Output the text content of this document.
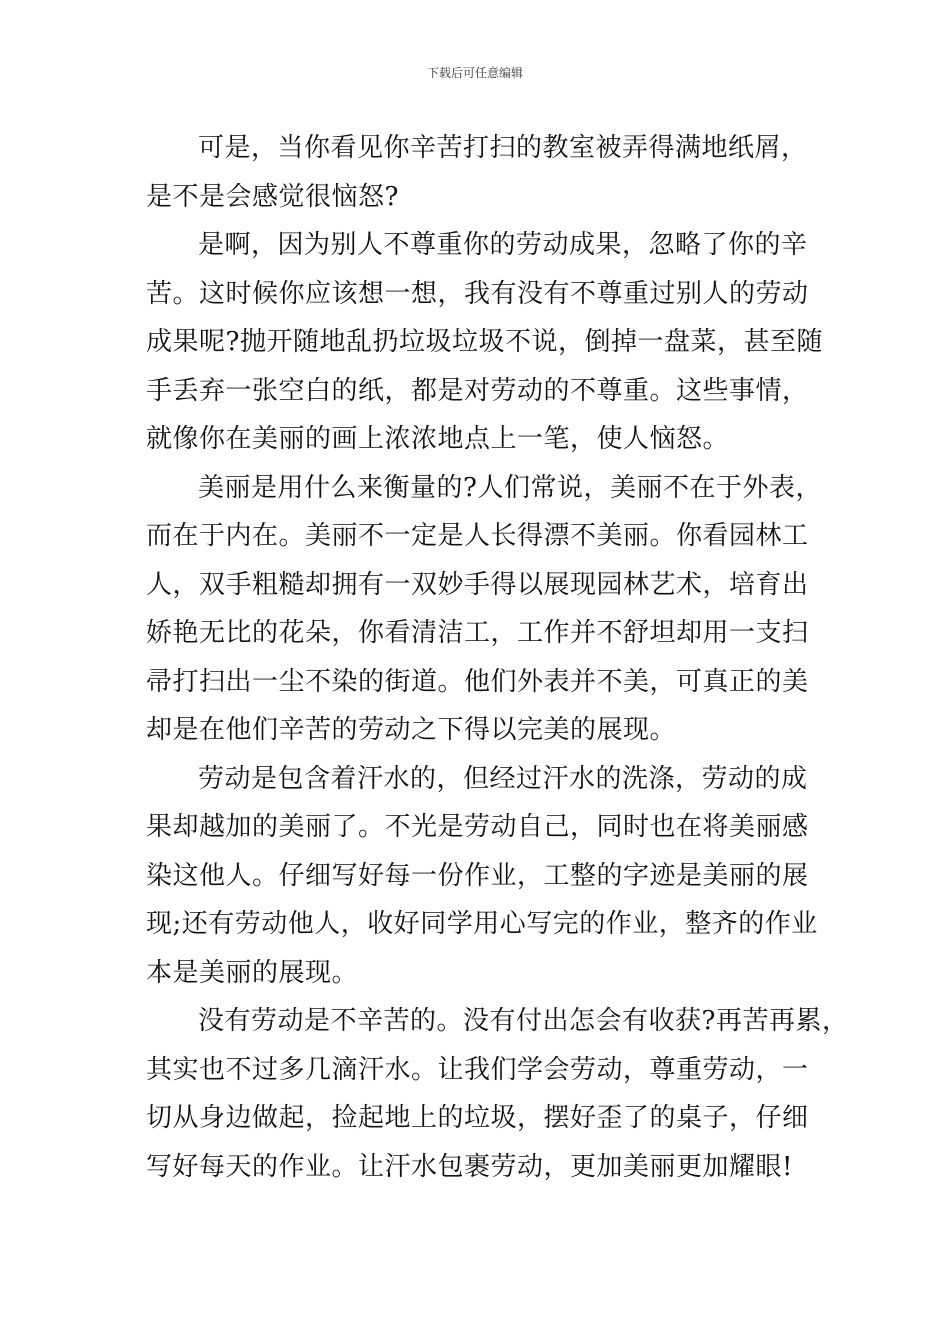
下载后可任意编辑
可是，当你看见你辛苦打扫的教室被弄得满地纸屑，
是不是会感觉很恼怒?
是啊，因为别人不尊重你的劳动成果，忽略了你的辛
苦。这时候你应该想一想，我有没有不尊重过别人的劳动
成果呢?抛开随地乱扔垃圾垃圾不说，倒掉一盘菜，甚至随
手丢弃一张空白的纸，都是对劳动的不尊重。这些事情，
就像你在美丽的画上浓浓地点上一笔，使人恼怒。
美丽是用什么来衡量的?人们常说，美丽不在于外表，
而在于内在。美丽不一定是人长得漂不美丽。你看园林工
人，双手粗糙却拥有一双妙手得以展现园林艺术，培育出
娇艳无比的花朵，你看清洁工，工作并不舒坦却用一支扫
帚打扫出一尘不染的街道。他们外表并不美，可真正的美
却是在他们辛苦的劳动之下得以完美的展现。
劳动是包含着汗水的，但经过汗水的洗涤，劳动的成
果却越加的美丽了。不光是劳动自己，同时也在将美丽感
染这他人。仔细写好每一份作业，工整的字迹是美丽的展
现;还有劳动他人，收好同学用心写完的作业，整齐的作业
本是美丽的展现。
没有劳动是不辛苦的。没有付出怎会有收获?再苦再累，
其实也不过多几滴汗水。让我们学会劳动，尊重劳动，一
切从身边做起，捡起地上的垃圾，摆好歪了的桌子，仔细
写好每天的作业。让汗水包裹劳动，更加美丽更加耀眼!
